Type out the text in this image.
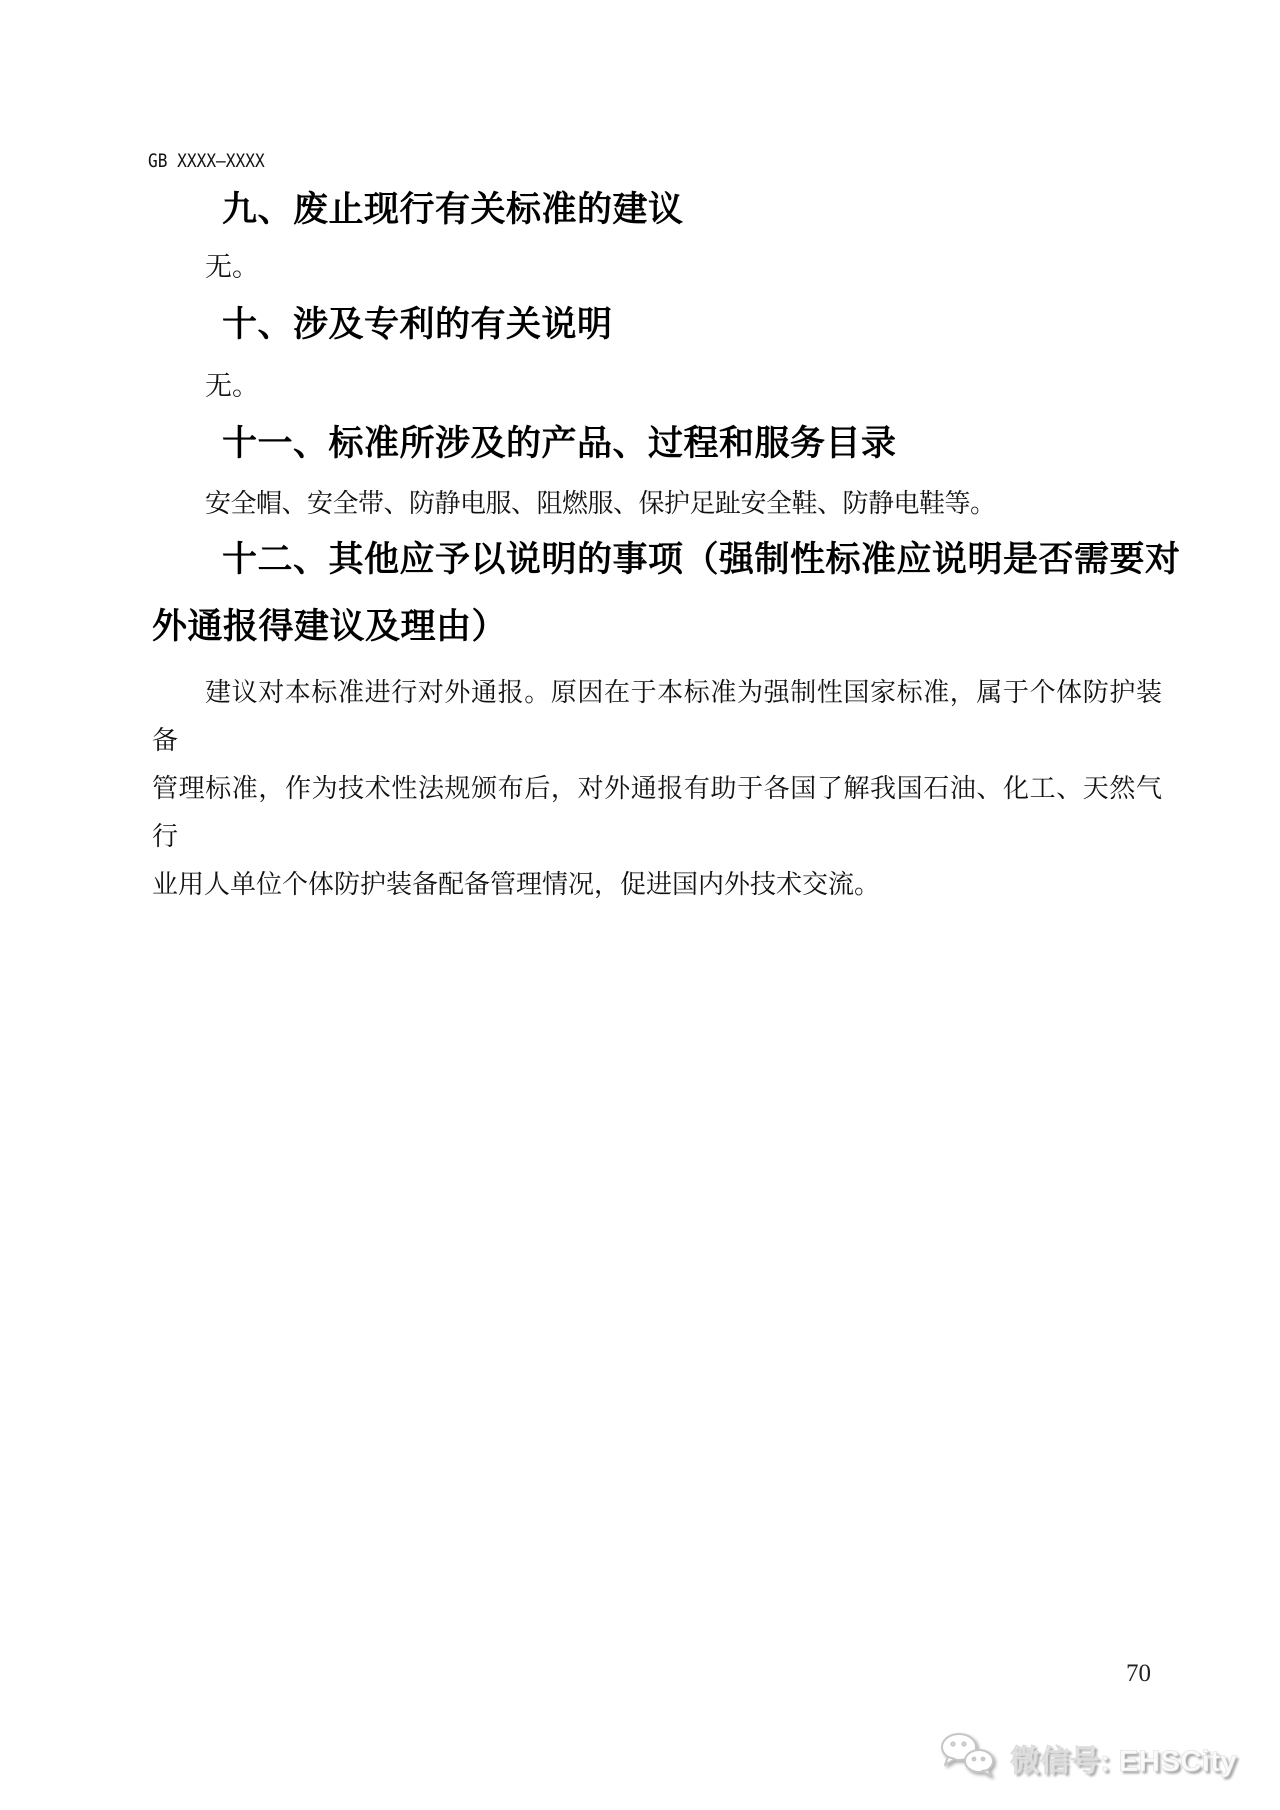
GB XXXX—XXXX

九、废止现行有关标准的建议

无。

十、涉及专利的有关说明

无。

十一、标准所涉及的产品、过程和服务目录

安全帽、安全带、防静电服、阻燃服、保护足趾安全鞋、防静电鞋等。

十二、其他应予以说明的事项（强制性标准应说明是否需要对
外通报得建议及理由）
建议对本标准进行对外通报。原因在于本标准为强制性国家标准，属于个体防护装备
管理标准，作为技术性法规颁布后，对外通报有助于各国了解我国石油、化工、天然气行
业用人单位个体防护装备配备管理情况，促进国内外技术交流。

70

微信号: EHSCity
